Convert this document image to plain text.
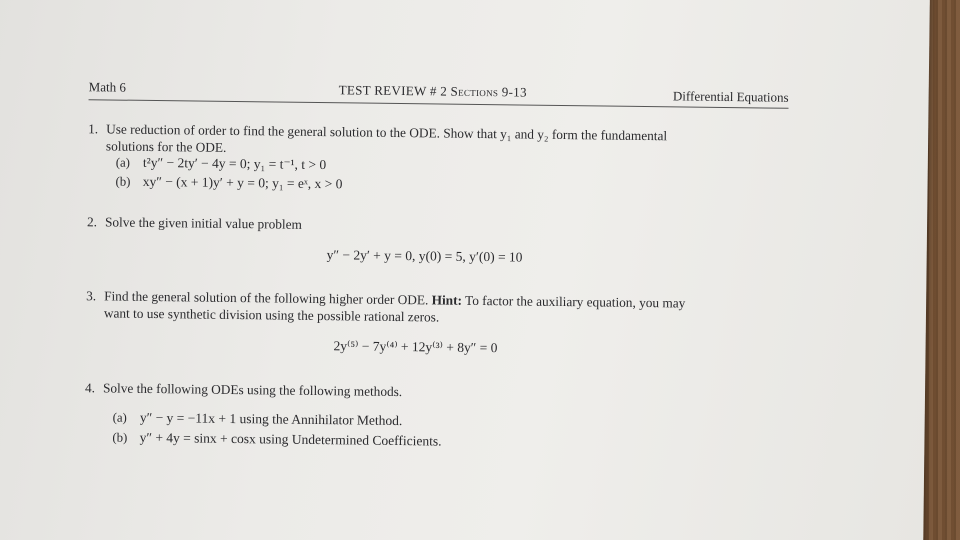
Math 6	TEST REVIEW # 2 Sections 9-13	Differential Equations
1. Use reduction of order to find the general solution to the ODE. Show that y₁ and y₂ form the fundamental
solutions for the ODE.
(a) t²y″ − 2ty′ − 4y = 0; y₁ = t⁻¹, t > 0
(b) xy″ − (x + 1)y′ + y = 0; y₁ = eˣ, x > 0
2. Solve the given initial value problem
y″ − 2y′ + y = 0, y(0) = 5, y′(0) = 10
3. Find the general solution of the following higher order ODE. Hint: To factor the auxiliary equation, you may
want to use synthetic division using the possible rational zeros.
2y⁽⁵⁾ − 7y⁽⁴⁾ + 12y⁽³⁾ + 8y″ = 0
4. Solve the following ODEs using the following methods.
(a) y″ − y = −11x + 1 using the Annihilator Method.
(b) y″ + 4y = sinx + cosx using Undetermined Coefficients.
